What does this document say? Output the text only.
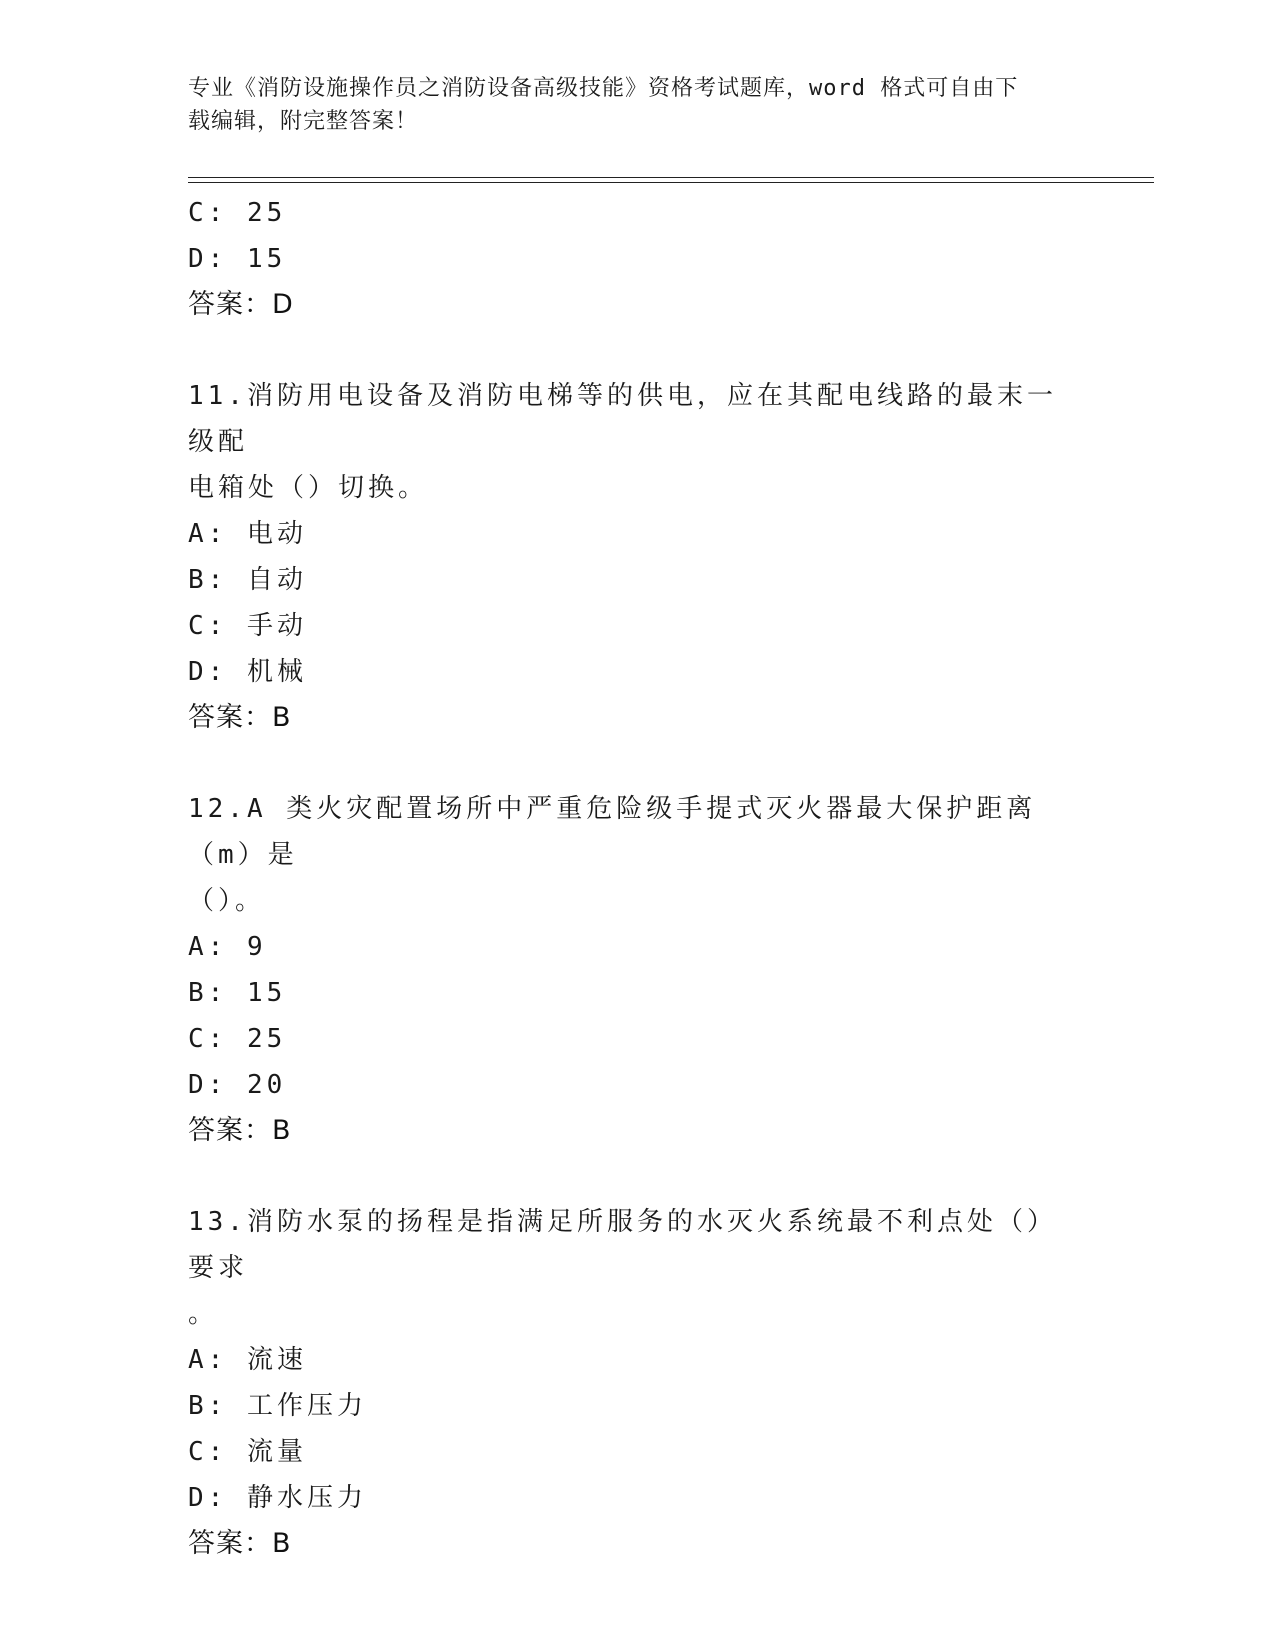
专业《消防设施操作员之消防设备高级技能》资格考试题库，word 格式可自由下
载编辑，附完整答案！
C: 25
D: 15
答案：D
11.消防用电设备及消防电梯等的供电，应在其配电线路的最末一级配
电箱处（）切换。
A: 电动
B: 自动
C: 手动
D: 机械
答案：B
12.A 类火灾配置场所中严重危险级手提式灭火器最大保护距离（m）是
（）。
A: 9
B: 15
C: 25
D: 20
答案：B
13.消防水泵的扬程是指满足所服务的水灭火系统最不利点处（）要求
。
A: 流速
B: 工作压力
C: 流量
D: 静水压力
答案：B
